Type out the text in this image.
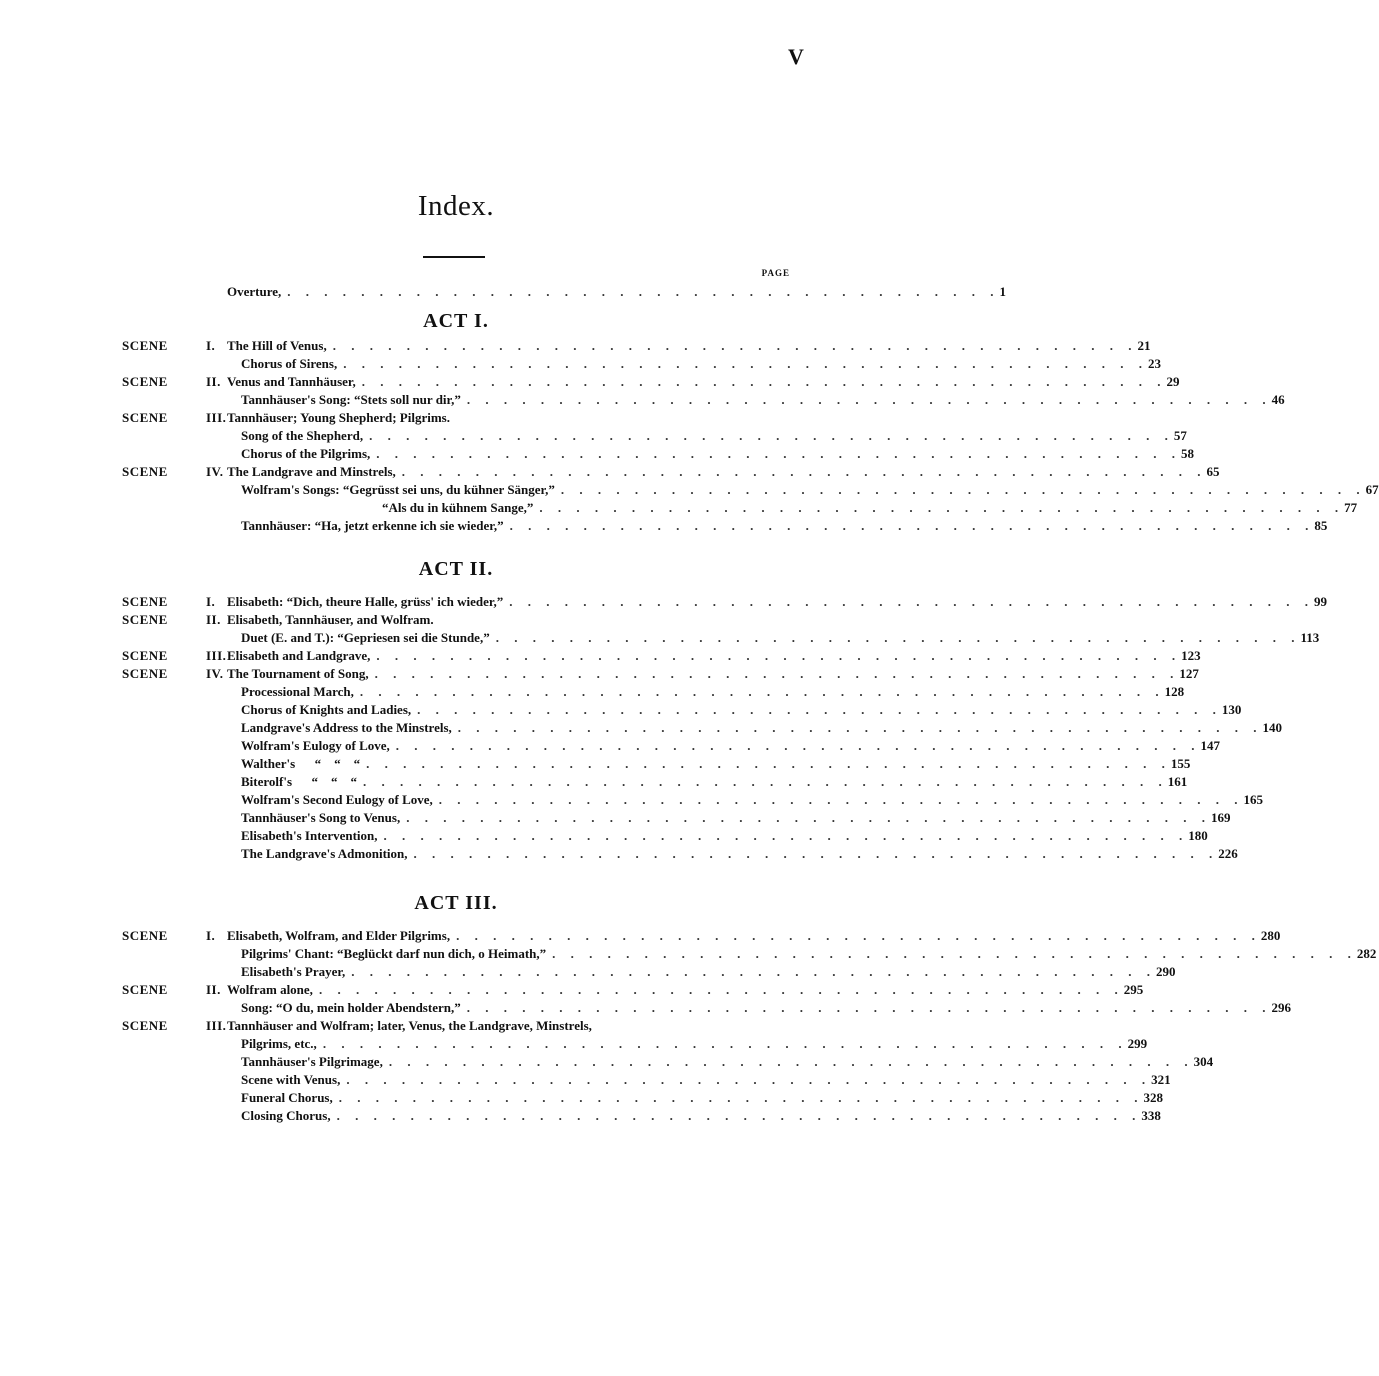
V
Index.
PAGE
Overture, . . . . . . . . . . . . . . . . . . . . . . . . . . . . . . . . . . . . . . . 1
ACT I.
SCENE	I. The Hill of Venus, . . . . . . . . . . . . . . . . . . . . . . . . . . . . . . . . . . . . . . . . . . . . 21
Chorus of Sirens, . . . . . . . . . . . . . . . . . . . . . . . . . . . . . . . . . . . . . . . . . . . . 23
SCENE	II. Venus and Tannhäuser, . . . . . . . . . . . . . . . . . . . . . . . . . . . . . . . . . . . . . . . . . . . . 29
Tannhäuser's Song: “Stets soll nur dir,” . . . . . . . . . . . . . . . . . . . . . . . . . . . . . . . . . . . . . . . . . . . . 46
SCENE	III. Tannhäuser; Young Shepherd; Pilgrims.
Song of the Shepherd, . . . . . . . . . . . . . . . . . . . . . . . . . . . . . . . . . . . . . . . . . . . . 57
Chorus of the Pilgrims, . . . . . . . . . . . . . . . . . . . . . . . . . . . . . . . . . . . . . . . . . . . . 58
SCENE	IV. The Landgrave and Minstrels, . . . . . . . . . . . . . . . . . . . . . . . . . . . . . . . . . . . . . . . . . . . . 65
Wolfram's Songs: “Gegrüsst sei uns, du kühner Sänger,” . . . . . . . . . . . . . . . . . . . . . . . . . . . . . . . . . . . . . . . . . . . . 67
“Als du in kühnem Sange,” . . . . . . . . . . . . . . . . . . . . . . . . . . . . . . . . . . . . . . . . . . . . 77
Tannhäuser: “Ha, jetzt erkenne ich sie wieder,” . . . . . . . . . . . . . . . . . . . . . . . . . . . . . . . . . . . . . . . . . . . . 85
ACT II.
SCENE	I. Elisabeth: “Dich, theure Halle, grüss' ich wieder,” . . . . . . . . . . . . . . . . . . . . . . . . . . . . . . . . . . . . . . . . . . . . 99
SCENE	II. Elisabeth, Tannhäuser, and Wolfram.
Duet (E. and T.): “Gepriesen sei die Stunde,” . . . . . . . . . . . . . . . . . . . . . . . . . . . . . . . . . . . . . . . . . . . . 113
SCENE	III. Elisabeth and Landgrave, . . . . . . . . . . . . . . . . . . . . . . . . . . . . . . . . . . . . . . . . . . . . 123
SCENE	IV. The Tournament of Song, . . . . . . . . . . . . . . . . . . . . . . . . . . . . . . . . . . . . . . . . . . . . 127
Processional March, . . . . . . . . . . . . . . . . . . . . . . . . . . . . . . . . . . . . . . . . . . . . 128
Chorus of Knights and Ladies, . . . . . . . . . . . . . . . . . . . . . . . . . . . . . . . . . . . . . . . . . . . . 130
Landgrave's Address to the Minstrels, . . . . . . . . . . . . . . . . . . . . . . . . . . . . . . . . . . . . . . . . . . . . 140
Wolfram's Eulogy of Love, . . . . . . . . . . . . . . . . . . . . . . . . . . . . . . . . . . . . . . . . . . . . 147
Walther's      “    “    “ . . . . . . . . . . . . . . . . . . . . . . . . . . . . . . . . . . . . . . . . . . . . 155
Biterolf's      “    “    “ . . . . . . . . . . . . . . . . . . . . . . . . . . . . . . . . . . . . . . . . . . . . 161
Wolfram's Second Eulogy of Love, . . . . . . . . . . . . . . . . . . . . . . . . . . . . . . . . . . . . . . . . . . . . 165
Tannhäuser's Song to Venus, . . . . . . . . . . . . . . . . . . . . . . . . . . . . . . . . . . . . . . . . . . . . 169
Elisabeth's Intervention, . . . . . . . . . . . . . . . . . . . . . . . . . . . . . . . . . . . . . . . . . . . . 180
The Landgrave's Admonition, . . . . . . . . . . . . . . . . . . . . . . . . . . . . . . . . . . . . . . . . . . . . 226
ACT III.
SCENE	I. Elisabeth, Wolfram, and Elder Pilgrims, . . . . . . . . . . . . . . . . . . . . . . . . . . . . . . . . . . . . . . . . . . . . 280
Pilgrims' Chant: “Beglückt darf nun dich, o Heimath,” . . . . . . . . . . . . . . . . . . . . . . . . . . . . . . . . . . . . . . . . . . . . 282
Elisabeth's Prayer, . . . . . . . . . . . . . . . . . . . . . . . . . . . . . . . . . . . . . . . . . . . . 290
SCENE	II. Wolfram alone, . . . . . . . . . . . . . . . . . . . . . . . . . . . . . . . . . . . . . . . . . . . . 295
Song: “O du, mein holder Abendstern,” . . . . . . . . . . . . . . . . . . . . . . . . . . . . . . . . . . . . . . . . . . . . 296
SCENE	III. Tannhäuser and Wolfram; later, Venus, the Landgrave, Minstrels,
Pilgrims, etc., . . . . . . . . . . . . . . . . . . . . . . . . . . . . . . . . . . . . . . . . . . . . 299
Tannhäuser's Pilgrimage, . . . . . . . . . . . . . . . . . . . . . . . . . . . . . . . . . . . . . . . . . . . . 304
Scene with Venus, . . . . . . . . . . . . . . . . . . . . . . . . . . . . . . . . . . . . . . . . . . . . 321
Funeral Chorus, . . . . . . . . . . . . . . . . . . . . . . . . . . . . . . . . . . . . . . . . . . . . 328
Closing Chorus, . . . . . . . . . . . . . . . . . . . . . . . . . . . . . . . . . . . . . . . . . . . . 338
